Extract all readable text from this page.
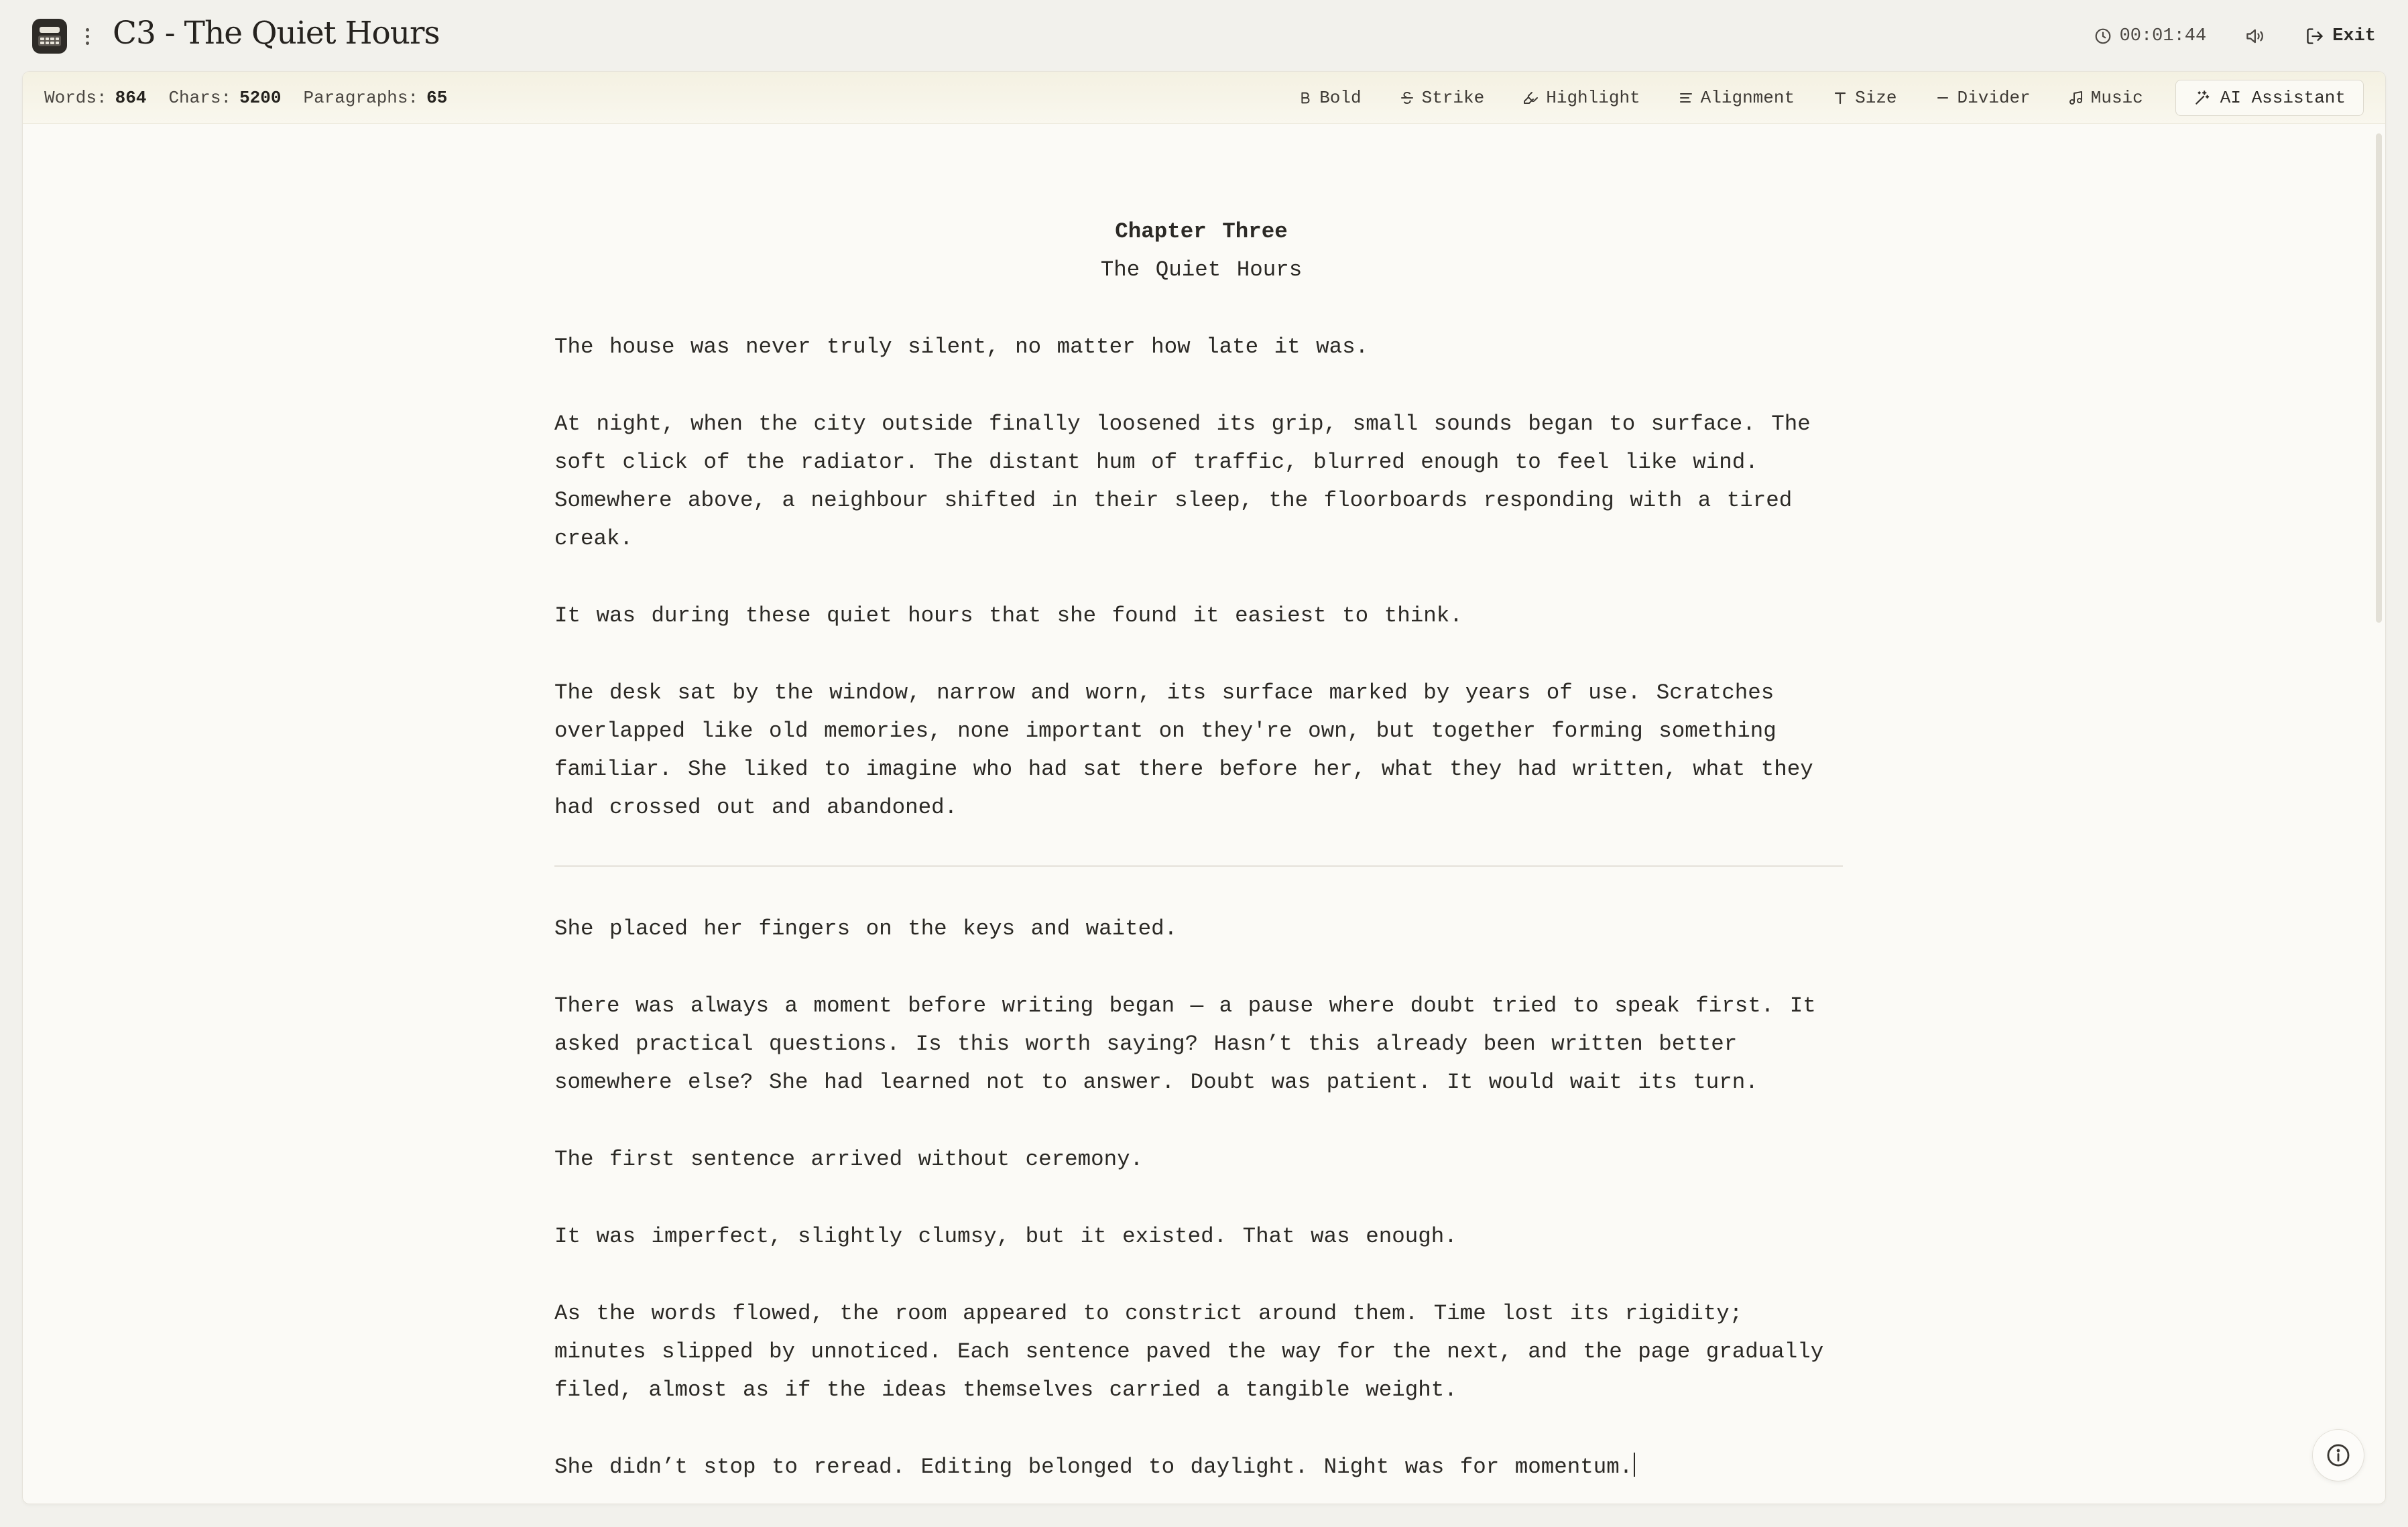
C3 - The Quiet Hours	00:01:44	Exit
Words: 864 Chars: 5200 Paragraphs: 65	Bold	Strike	Highlight	Alignment	Size	Divider	Music	AI Assistant
Chapter Three
The Quiet Hours

The house was never truly silent, no matter how late it was.

At night, when the city outside finally loosened its grip, small sounds began to surface. The soft click of the radiator. The distant hum of traffic, blurred enough to feel like wind. Somewhere above, a neighbour shifted in their sleep, the floorboards responding with a tired creak.

It was during these quiet hours that she found it easiest to think.

The desk sat by the window, narrow and worn, its surface marked by years of use. Scratches overlapped like old memories, none important on they're own, but together forming something familiar. She liked to imagine who had sat there before her, what they had written, what they had crossed out and abandoned.

She placed her fingers on the keys and waited.

There was always a moment before writing began — a pause where doubt tried to speak first. It asked practical questions. Is this worth saying? Hasn’t this already been written better somewhere else? She had learned not to answer. Doubt was patient. It would wait its turn.

The first sentence arrived without ceremony.

It was imperfect, slightly clumsy, but it existed. That was enough.

As the words flowed, the room appeared to constrict around them. Time lost its rigidity; minutes slipped by unnoticed. Each sentence paved the way for the next, and the page gradually filed, almost as if the ideas themselves carried a tangible weight.

She didn’t stop to reread. Editing belonged to daylight. Night was for momentum.
